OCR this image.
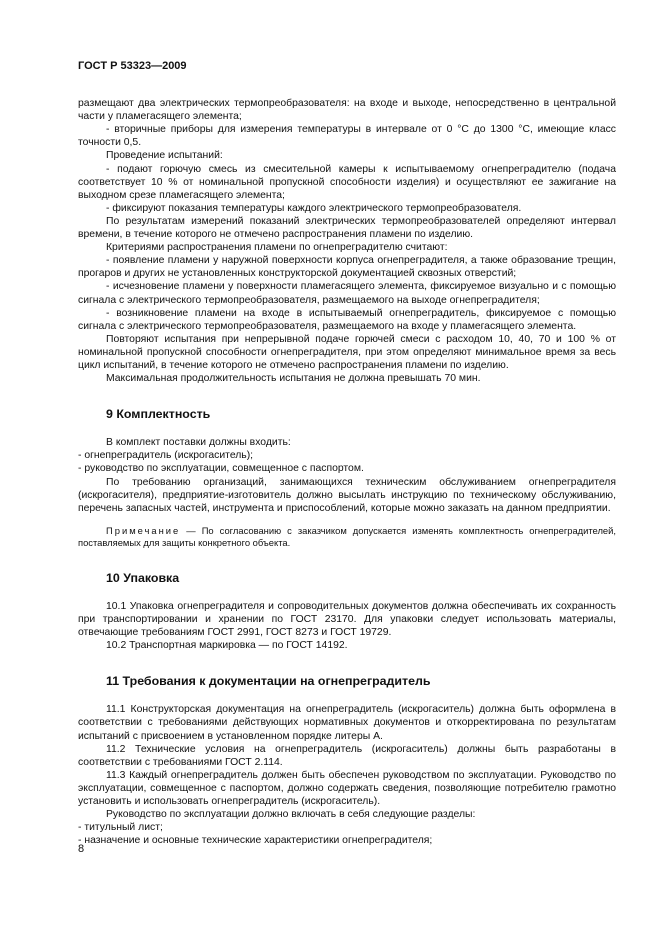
ГОСТ Р 53323—2009

размещают два электрических термопреобразователя: на входе и выходе, непосредственно в центральной части у пламегасящего элемента;

- вторичные приборы для измерения температуры в интервале от 0 °С до 1300 °С, имеющие класс точности 0,5.

Проведение испытаний:

- подают горючую смесь из смесительной камеры к испытываемому огнепреградителю (подача соответствует 10 % от номинальной пропускной способности изделия) и осуществляют ее зажигание на выходном срезе пламегасящего элемента;

- фиксируют показания температуры каждого электрического термопреобразователя.

По результатам измерений показаний электрических термопреобразователей определяют интервал времени, в течение которого не отмечено распространения пламени по изделию.

Критериями распространения пламени по огнепреградителю считают:

- появление пламени у наружной поверхности корпуса огнепреградителя, а также образование трещин, прогаров и других не установленных конструкторской документацией сквозных отверстий;

- исчезновение пламени у поверхности пламегасящего элемента, фиксируемое визуально и с помощью сигнала с электрического термопреобразователя, размещаемого на выходе огнепреградителя;

- возникновение пламени на входе в испытываемый огнепреградитель, фиксируемое с помощью сигнала с электрического термопреобразователя, размещаемого на входе у пламегасящего элемента.

Повторяют испытания при непрерывной подаче горючей смеси с расходом 10, 40, 70 и 100 % от номинальной пропускной способности огнепреградителя, при этом определяют минимальное время за весь цикл испытаний, в течение которого не отмечено распространения пламени по изделию.

Максимальная продолжительность испытания не должна превышать 70 мин.

9 Комплектность

В комплект поставки должны входить:

- огнепреградитель (искрогаситель);

- руководство по эксплуатации, совмещенное с паспортом.

По требованию организаций, занимающихся техническим обслуживанием огнепреградителя (искрогасителя), предприятие-изготовитель должно высылать инструкцию по техническому обслуживанию, перечень запасных частей, инструмента и приспособлений, которые можно заказать на данном предприятии.

Примечание — По согласованию с заказчиком допускается изменять комплектность огнепреградителей, поставляемых для защиты конкретного объекта.

10 Упаковка

10.1 Упаковка огнепреградителя и сопроводительных документов должна обеспечивать их сохранность при транспортировании и хранении по ГОСТ 23170. Для упаковки следует использовать материалы, отвечающие требованиям ГОСТ 2991, ГОСТ 8273 и ГОСТ 19729.

10.2 Транспортная маркировка — по ГОСТ 14192.

11 Требования к документации на огнепреградитель

11.1 Конструкторская документация на огнепреградитель (искрогаситель) должна быть оформлена в соответствии с требованиями действующих нормативных документов и откорректирована по результатам испытаний с присвоением в установленном порядке литеры А.

11.2 Технические условия на огнепреградитель (искрогаситель) должны быть разработаны в соответствии с требованиями ГОСТ 2.114.

11.3 Каждый огнепреградитель должен быть обеспечен руководством по эксплуатации. Руководство по эксплуатации, совмещенное с паспортом, должно содержать сведения, позволяющие потребителю грамотно установить и использовать огнепреградитель (искрогаситель).

Руководство по эксплуатации должно включать в себя следующие разделы:

- титульный лист;

- назначение и основные технические характеристики огнепреградителя;

8
